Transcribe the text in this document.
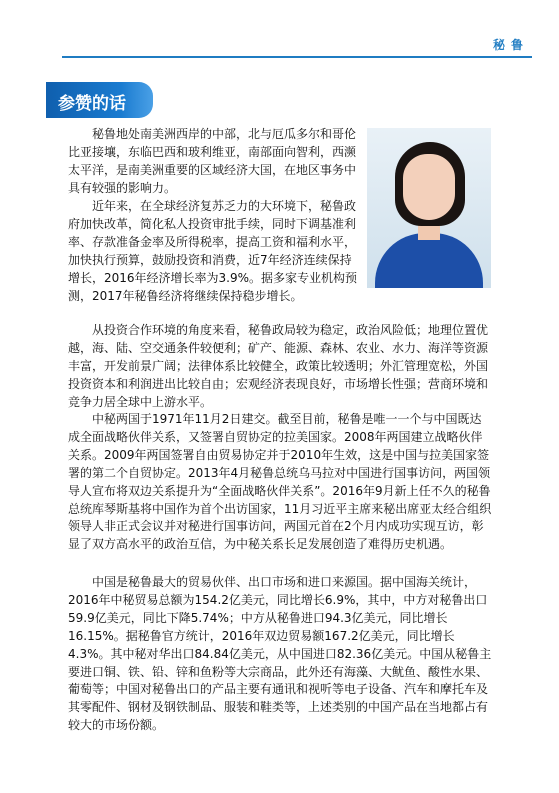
秘鲁
参赞的话

秘鲁地处南美洲西岸的中部，北与厄瓜多尔和哥伦比亚接壤，东临巴西和玻利维亚，南部面向智利，西濒太平洋，是南美洲重要的区域经济大国，在地区事务中具有较强的影响力。

近年来，在全球经济复苏乏力的大环境下，秘鲁政府加快改革，简化私人投资审批手续，同时下调基准利率、存款准备金率及所得税率，提高工资和福利水平，加快执行预算，鼓励投资和消费，近7年经济连续保持增长，2016年经济增长率为3.9%。据多家专业机构预测，2017年秘鲁经济将继续保持稳步增长。

从投资合作环境的角度来看，秘鲁政局较为稳定，政治风险低；地理位置优越，海、陆、空交通条件较便利；矿产、能源、森林、农业、水力、海洋等资源丰富，开发前景广阔；法律体系比较健全，政策比较透明；外汇管理宽松，外国投资资本和利润进出比较自由；宏观经济表现良好，市场增长性强；营商环境和竞争力居全球中上游水平。

中秘两国于1971年11月2日建交。截至目前，秘鲁是唯一一个与中国既达成全面战略伙伴关系，又签署自贸协定的拉美国家。2008年两国建立战略伙伴关系。2009年两国签署自由贸易协定并于2010年生效，这是中国与拉美国家签署的第二个自贸协定。2013年4月秘鲁总统乌马拉对中国进行国事访问，两国领导人宣布将双边关系提升为“全面战略伙伴关系”。2016年9月新上任不久的秘鲁总统库琴斯基将中国作为首个出访国家，11月习近平主席来秘出席亚太经合组织领导人非正式会议并对秘进行国事访问，两国元首在2个月内成功实现互访，彰显了双方高水平的政治互信，为中秘关系长足发展创造了难得历史机遇。

中国是秘鲁最大的贸易伙伴、出口市场和进口来源国。据中国海关统计，2016年中秘贸易总额为154.2亿美元，同比增长6.9%，其中，中方对秘鲁出口59.9亿美元，同比下降5.74%；中方从秘鲁进口94.3亿美元，同比增长16.15%。据秘鲁官方统计，2016年双边贸易额167.2亿美元，同比增长4.3%。其中秘对华出口84.84亿美元，从中国进口82.36亿美元。中国从秘鲁主要进口铜、铁、铅、锌和鱼粉等大宗商品，此外还有海藻、大鱿鱼、酸性水果、葡萄等；中国对秘鲁出口的产品主要有通讯和视听等电子设备、汽车和摩托车及其零配件、钢材及钢铁制品、服装和鞋类等，上述类别的中国产品在当地都占有较大的市场份额。
